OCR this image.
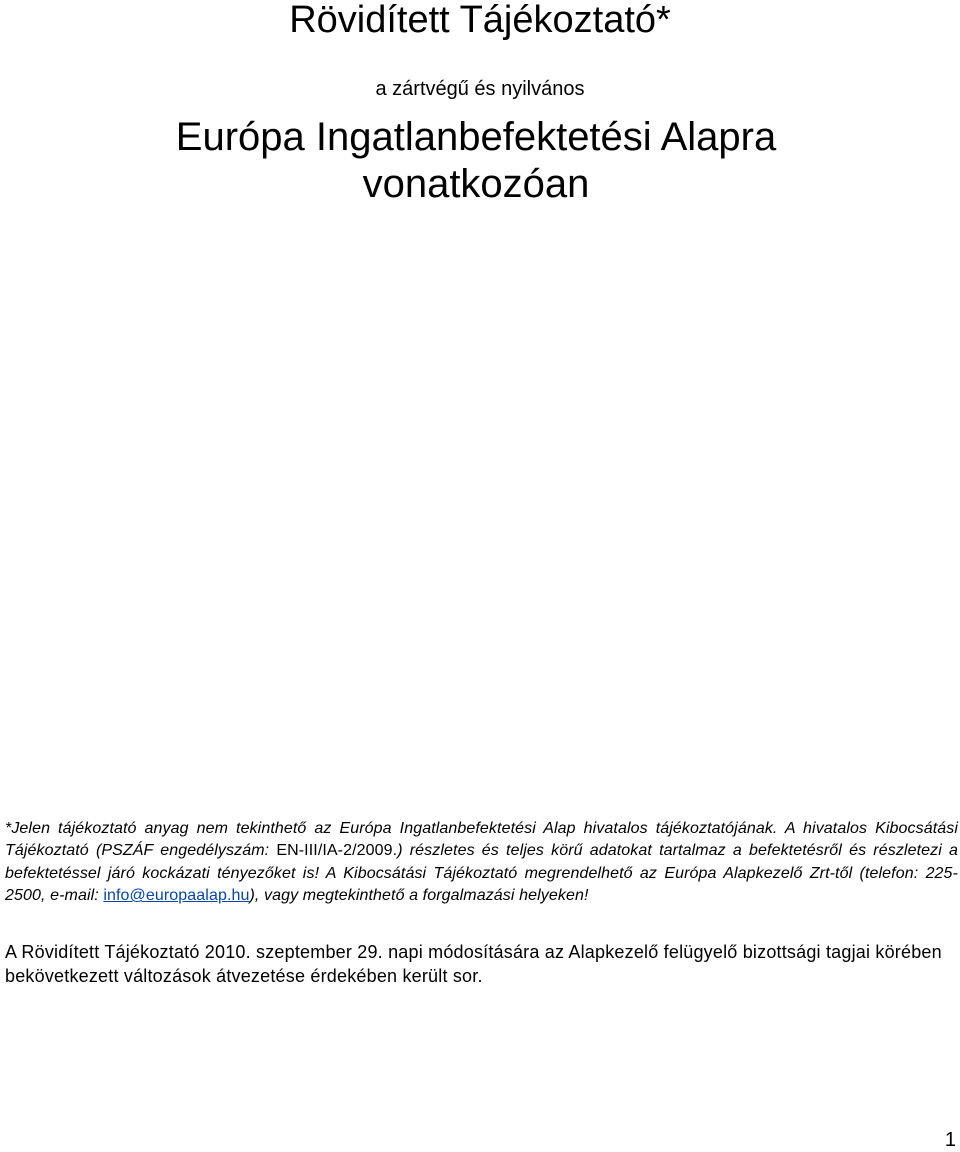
Rövidített Tájékoztató*

a zártvégű és nyilvános

Európa Ingatlanbefektetési Alapra
vonatkozóan

*Jelen tájékoztató anyag nem tekinthető az Európa Ingatlanbefektetési Alap hivatalos tájékoztatójának. A hivatalos Kibocsátási Tájékoztató (PSZÁF engedélyszám: EN-III/IA-2/2009.) részletes és teljes körű adatokat tartalmaz a befektetésről és részletezi a befektetéssel járó kockázati tényezőket is! A Kibocsátási Tájékoztató megrendelhető az Európa Alapkezelő Zrt-től (telefon: 225-2500, e-mail: info@europaalap.hu), vagy megtekinthető a forgalmazási helyeken!

A Rövidített Tájékoztató 2010. szeptember 29. napi módosítására az Alapkezelő felügyelő bizottsági tagjai körében bekövetkezett változások átvezetése érdekében került sor.

1
